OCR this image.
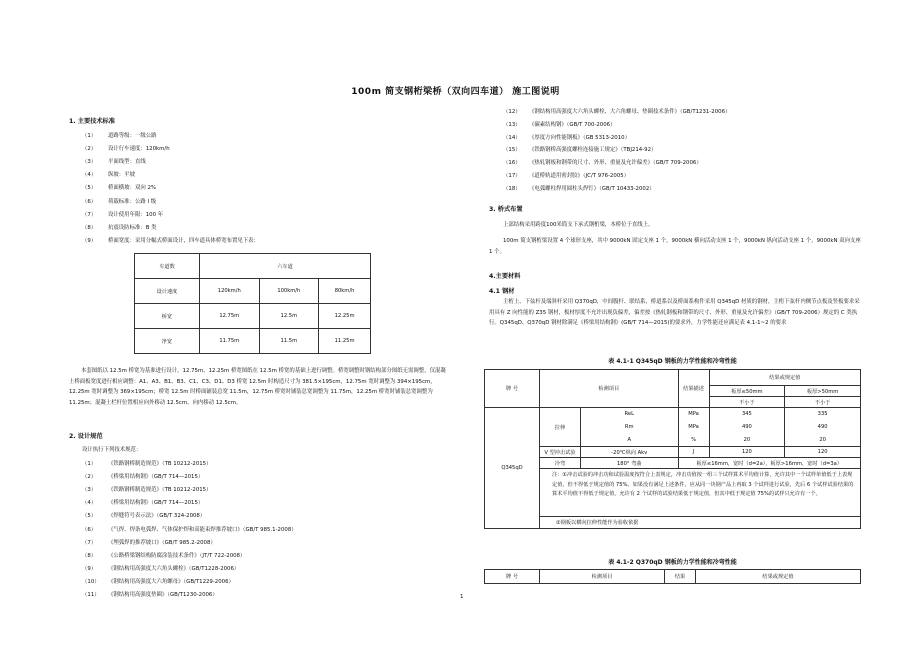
100m 简支钢桁梁桥（双向四车道） 施工图说明
1. 主要技术标准
（1） 道路等级：一级公路
（2） 设计行车速度：120km/h
（3） 平面线型：直线
（4） 纵坡：平坡
（5） 桥面横坡：双向 2%
（6） 荷载标准：公路 I 级
（7） 设计使用年限：100 年
（8） 抗震设防标准：B 类
（9） 桥面宽度：采用分幅式桥面设计，四车道具体桥宽布置见下表：
车道数	六车道		
设计速度	120km/h	100km/h	80km/h
桥宽	12.75m	12.5m	12.25m
净宽	11.75m	11.5m	11.25m
本套图纸以 12.5m 桥宽为基准进行设计，12.75m、12.25m 桥宽图纸在 12.5m 桥宽的基础上进行调整。桥宽调整时钢结构部分图纸无需调整，仅混凝土桥面板宽度进行相应调整：A1、A3、B1、B3、C1、C3、D1、D3 桥宽 12.5m 时构造尺寸为 381.5×195cm，12.75m 宽时调整为 394×195cm，12.25m 宽时调整为 369×195cm；桥宽 12.5m 时桥面铺装总宽 11.5m，12.75m 桥宽时铺装总宽调整为 11.75m，12.25m 桥宽时铺装总宽调整为 11.25m；混凝土栏杆位置相应向外移动 12.5cm、向内移动 12.5cm。
2. 设计规范
设计执行下列技术规范：
（1） 《铁路钢桥制造规范》（TB 10212-2015）
（2） 《桥梁用结构钢》（GB/T 714—2015）
（3） 《铁路钢桥制造规范》（TB 10212-2015）
（4） 《桥梁用结构钢》（GB/T 714—2015）
（5） 《焊缝符号表示法》（GB/T 324-2008）
（6） 《气焊、焊条电弧焊、气体保护焊和高能束焊推荐坡口》（GB/T 985.1-2008）
（7） 《埋弧焊的推荐坡口》（GB/T 985.2-2008）
（8） 《公路桥梁钢结构防腐涂装技术条件》（JT/T 722-2008）
（9） 《钢结构用高强度大六角头螺栓》（GB/T1228-2006）
（10） 《钢结构用高强度大六角螺母》（GB/T1229-2006）
（11） 《钢结构用高强度垫圈》（GB/T1230-2006）
（12） 《钢结构用高强度大六角头螺栓、大六角螺母、垫圈技术条件》（GB/T1231-2006）
（13） 《碳素结构钢》（GB/T 700-2006）
（14） 《厚度方向性能钢板》（GB 5313-2010）
（15） 《铁路钢桥高强度螺栓连接施工规定》（TBJ214-92）
（16） 《热轧钢板和钢带的尺寸、外形、重量及允许偏差》（GB/T 709-2006）
（17） 《道桥轨道用密封胶》（JC/T 976-2005）
（18） 《电弧螺柱焊用圆柱头焊钉》（GB/T 10433-2002）
3. 桥式布置
上部结构采用跨度100米简支下承式钢桁梁，本桥位于直线上。
100m 简支钢桁梁设置 4 个球形支座，其中 9000kN 固定支座 1 个，9000kN 横向活动支座 1 个，9000kN 纵向活动支座 1 个，9000kN 双向支座 1 个。
4.主要材料
4.1 钢材
主桁上、下弦杆及端斜杆采用 Q370qD，中间腹杆、联结系、桥道系以及桥面系构件采用 Q345qD 材质的钢材，主桁下弦杆内侧节点板及竖板要求采用具有 Z 向性能的 Z35 钢材，板材厚度不允许出现负偏差，偏差按《热轧钢板和钢带的尺寸、外形、重量及允许偏差》（GB/T 709-2006）规定的 C 类执行。Q345qD、Q370qD 钢材除满足《桥梁用结构钢》(GB/T 714—2015)的要求外，力学性能还应满足表 4.1-1~2 的要求
表 4.1-1 Q345qD 钢板的力学性能和冷弯性能
牌 号	检测项目		结果描述	结果或规定值	
				板厚≤50mm	板厚>50mm
				不小于	不小于
Q345qD	拉伸	ReL	MPa	345	335
		Rm	MPa	490	490
		A	%	20	20
	V 型冲击试验	-20℃纵向 Akv	J	120	120
	冷弯	180° 弯曲	板厚≤16mm，宽时（d=2a），板厚>16mm，宽时（d=3a）		
	注：①冲击试验的冲击功和试验温度按符合上表规定，冲击功值按一组三个试样算术平均值计算，允许其中一个试样单值低于上表规定值，但不得低于规定值的 75%。如果没有满足上述条件，应从同一块钢产品上再取 3 个试样进行试验，先后 6 个试样试验结果的算术平均值不得低于规定值，允许有 2 个试样的试验结果低于规定值，但其中低于规定值 75%的试样只允许有一个。				
	②钢板以横向拉伸性能作为验收依据				
表 4.1-2 Q370qD 钢板的力学性能和冷弯性能
牌 号	检测项目	结果	结果或规定值
1
